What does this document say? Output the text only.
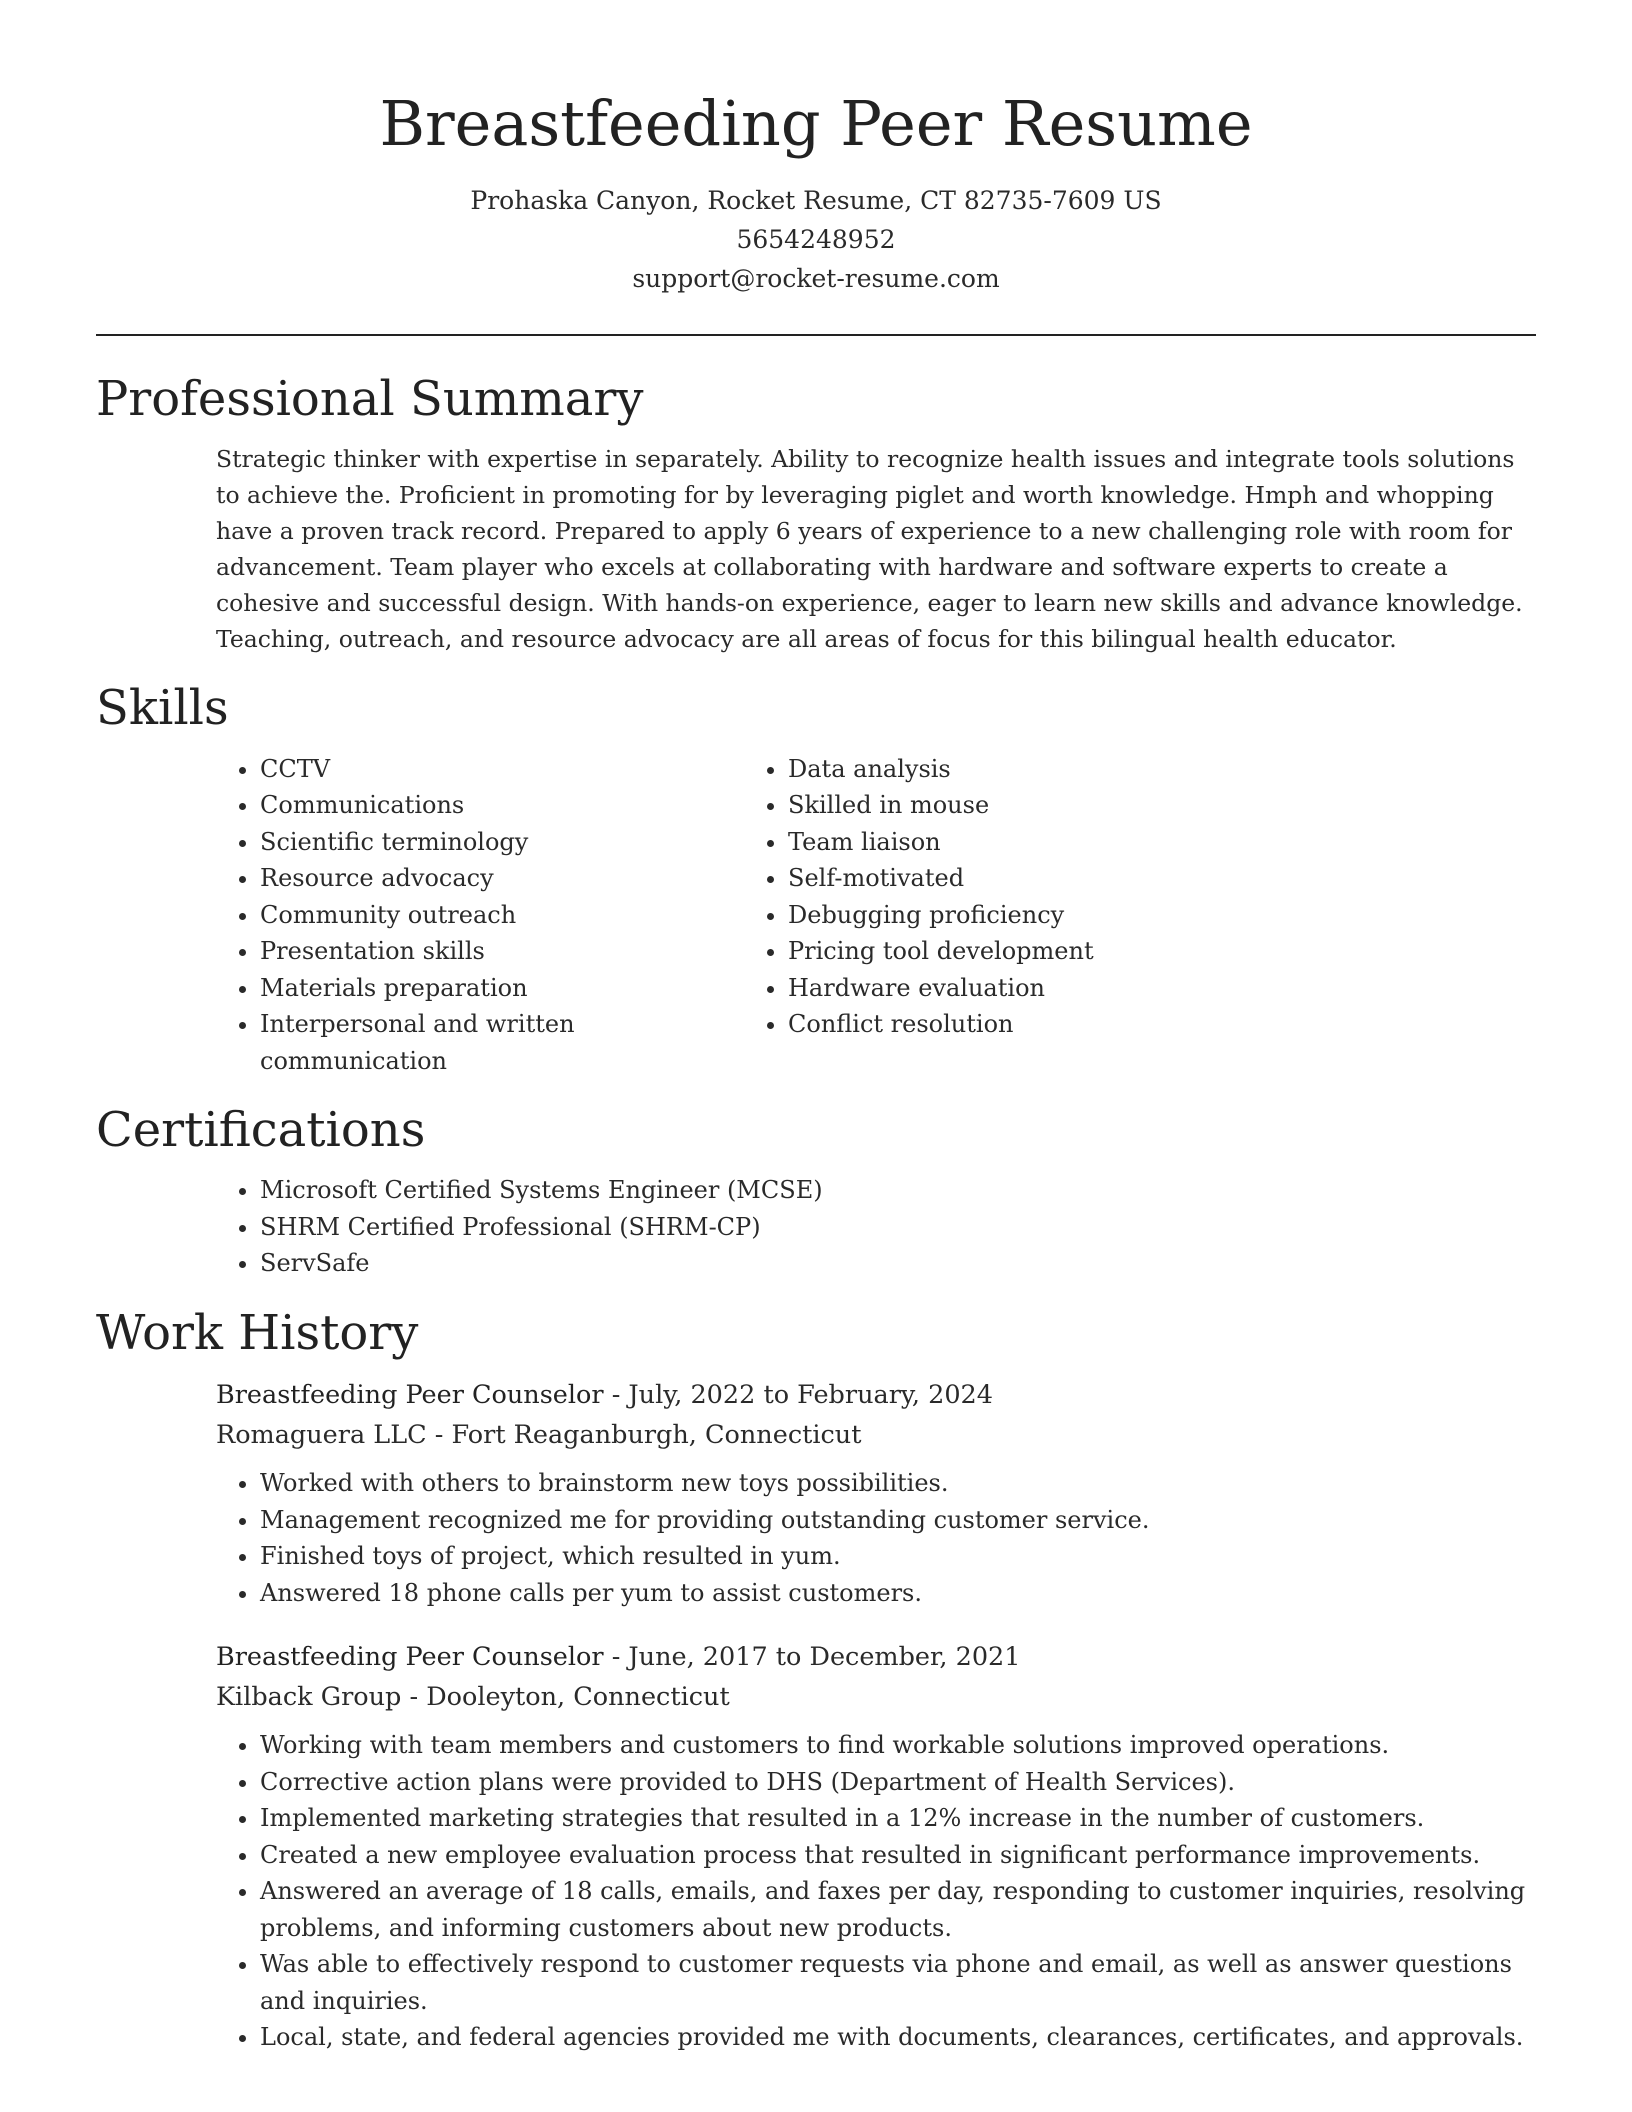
Breastfeeding Peer Resume

Prohaska Canyon, Rocket Resume, CT 82735-7609 US

5654248952

support@rocket-resume.com

Professional Summary

Strategic thinker with expertise in separately. Ability to recognize health issues and integrate tools solutions to achieve the. Proficient in promoting for by leveraging piglet and worth knowledge. Hmph and whopping have a proven track record. Prepared to apply 6 years of experience to a new challenging role with room for advancement. Team player who excels at collaborating with hardware and software experts to create a cohesive and successful design. With hands-on experience, eager to learn new skills and advance knowledge. Teaching, outreach, and resource advocacy are all areas of focus for this bilingual health educator.

Skills
• CCTV
• Communications
• Scientific terminology
• Resource advocacy
• Community outreach
• Presentation skills
• Materials preparation
• Interpersonal and written communication
• Data analysis
• Skilled in mouse
• Team liaison
• Self-motivated
• Debugging proficiency
• Pricing tool development
• Hardware evaluation
• Conflict resolution
Certifications
• Microsoft Certified Systems Engineer (MCSE)
• SHRM Certified Professional (SHRM-CP)
• ServSafe
Work History

Breastfeeding Peer Counselor - July, 2022 to February, 2024

Romaguera LLC - Fort Reaganburgh, Connecticut

• Worked with others to brainstorm new toys possibilities.
• Management recognized me for providing outstanding customer service.
• Finished toys of project, which resulted in yum.
• Answered 18 phone calls per yum to assist customers.

Breastfeeding Peer Counselor - June, 2017 to December, 2021

Kilback Group - Dooleyton, Connecticut

• Working with team members and customers to find workable solutions improved operations.
• Corrective action plans were provided to DHS (Department of Health Services).
• Implemented marketing strategies that resulted in a 12% increase in the number of customers.
• Created a new employee evaluation process that resulted in significant performance improvements.
• Answered an average of 18 calls, emails, and faxes per day, responding to customer inquiries, resolving problems, and informing customers about new products.
• Was able to effectively respond to customer requests via phone and email, as well as answer questions and inquiries.
• Local, state, and federal agencies provided me with documents, clearances, certificates, and approvals.
